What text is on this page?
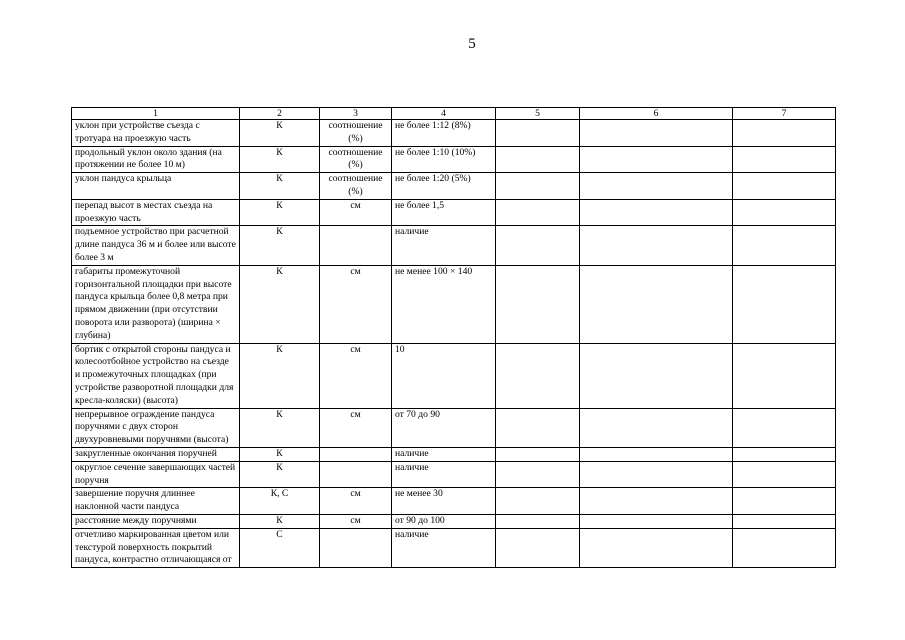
5
1	2	3	4	5	6	7
уклон при устройстве съезда с тротуара на проезжую часть	К	соотношение (%)	не более 1:12 (8%)			
продольный уклон около здания (на протяжении не более 10 м)	К	соотношение (%)	не более 1:10 (10%)			
уклон пандуса крыльца	К	соотношение (%)	не более 1:20 (5%)			
перепад высот в местах съезда на проезжую часть	К	см	не более 1,5			
подъемное устройство при расчетной длине пандуса 36 м и более или высоте более 3 м	К		наличие			
габариты промежуточной горизонтальной площадки при высоте пандуса крыльца более 0,8 метра при прямом движении (при отсутствии поворота или разворота) (ширина × глубина)	К	см	не менее 100 × 140			
бортик с открытой стороны пандуса и колесоотбойное устройство на съезде и промежуточных площадках (при устройстве разворотной площадки для кресла-коляски) (высота)	К	см	10			
непрерывное ограждение пандуса поручнями с двух сторон двухуровневыми поручнями (высота)	К	см	от 70 до 90			
закругленные окончания поручней	К		наличие			
округлое сечение завершающих частей поручня	К		наличие			
завершение поручня длиннее наклонной части пандуса	К, С	см	не менее 30			
расстояние между поручнями	К	см	от 90 до 100			
отчетливо маркированная цветом или текстурой поверхность покрытий пандуса, контрастно отличающаяся от	С		наличие			
